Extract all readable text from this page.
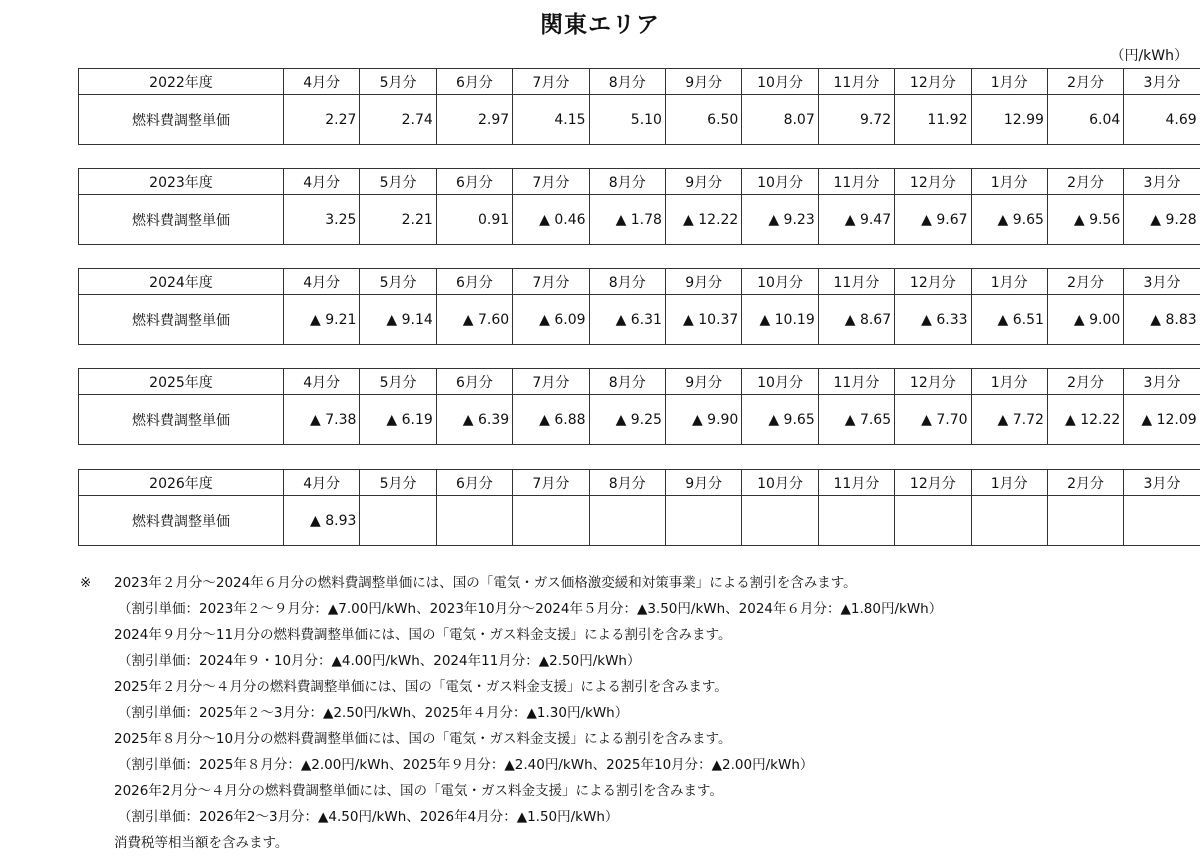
関東エリア
（円/kWh）
2022年度	4月分	5月分	6月分	7月分	8月分	9月分	10月分	11月分	12月分	1月分	2月分	3月分
燃料費調整単価	2.27	2.74	2.97	4.15	5.10	6.50	8.07	9.72	11.92	12.99	6.04	4.69
2023年度	4月分	5月分	6月分	7月分	8月分	9月分	10月分	11月分	12月分	1月分	2月分	3月分
燃料費調整単価	3.25	2.21	0.91	▲ 0.46	▲ 1.78	▲ 12.22	▲ 9.23	▲ 9.47	▲ 9.67	▲ 9.65	▲ 9.56	▲ 9.28
2024年度	4月分	5月分	6月分	7月分	8月分	9月分	10月分	11月分	12月分	1月分	2月分	3月分
燃料費調整単価	▲ 9.21	▲ 9.14	▲ 7.60	▲ 6.09	▲ 6.31	▲ 10.37	▲ 10.19	▲ 8.67	▲ 6.33	▲ 6.51	▲ 9.00	▲ 8.83
2025年度	4月分	5月分	6月分	7月分	8月分	9月分	10月分	11月分	12月分	1月分	2月分	3月分
燃料費調整単価	▲ 7.38	▲ 6.19	▲ 6.39	▲ 6.88	▲ 9.25	▲ 9.90	▲ 9.65	▲ 7.65	▲ 7.70	▲ 7.72	▲ 12.22	▲ 12.09
2026年度	4月分	5月分	6月分	7月分	8月分	9月分	10月分	11月分	12月分	1月分	2月分	3月分
燃料費調整単価	▲ 8.93											
※	2023年２月分～2024年６月分の燃料費調整単価には、国の「電気・ガス価格激変緩和対策事業」による割引を含みます。
（割引単価：2023年２～９月分：▲7.00円/kWh、2023年10月分～2024年５月分：▲3.50円/kWh、2024年６月分：▲1.80円/kWh）
2024年９月分～11月分の燃料費調整単価には、国の「電気・ガス料金支援」による割引を含みます。
（割引単価：2024年９・10月分：▲4.00円/kWh、2024年11月分：▲2.50円/kWh）
2025年２月分～４月分の燃料費調整単価には、国の「電気・ガス料金支援」による割引を含みます。
（割引単価：2025年２～3月分：▲2.50円/kWh、2025年４月分：▲1.30円/kWh）
2025年８月分～10月分の燃料費調整単価には、国の「電気・ガス料金支援」による割引を含みます。
（割引単価：2025年８月分：▲2.00円/kWh、2025年９月分：▲2.40円/kWh、2025年10月分：▲2.00円/kWh）
2026年2月分～４月分の燃料費調整単価には、国の「電気・ガス料金支援」による割引を含みます。
（割引単価：2026年2～3月分：▲4.50円/kWh、2026年4月分：▲1.50円/kWh）
消費税等相当額を含みます。
